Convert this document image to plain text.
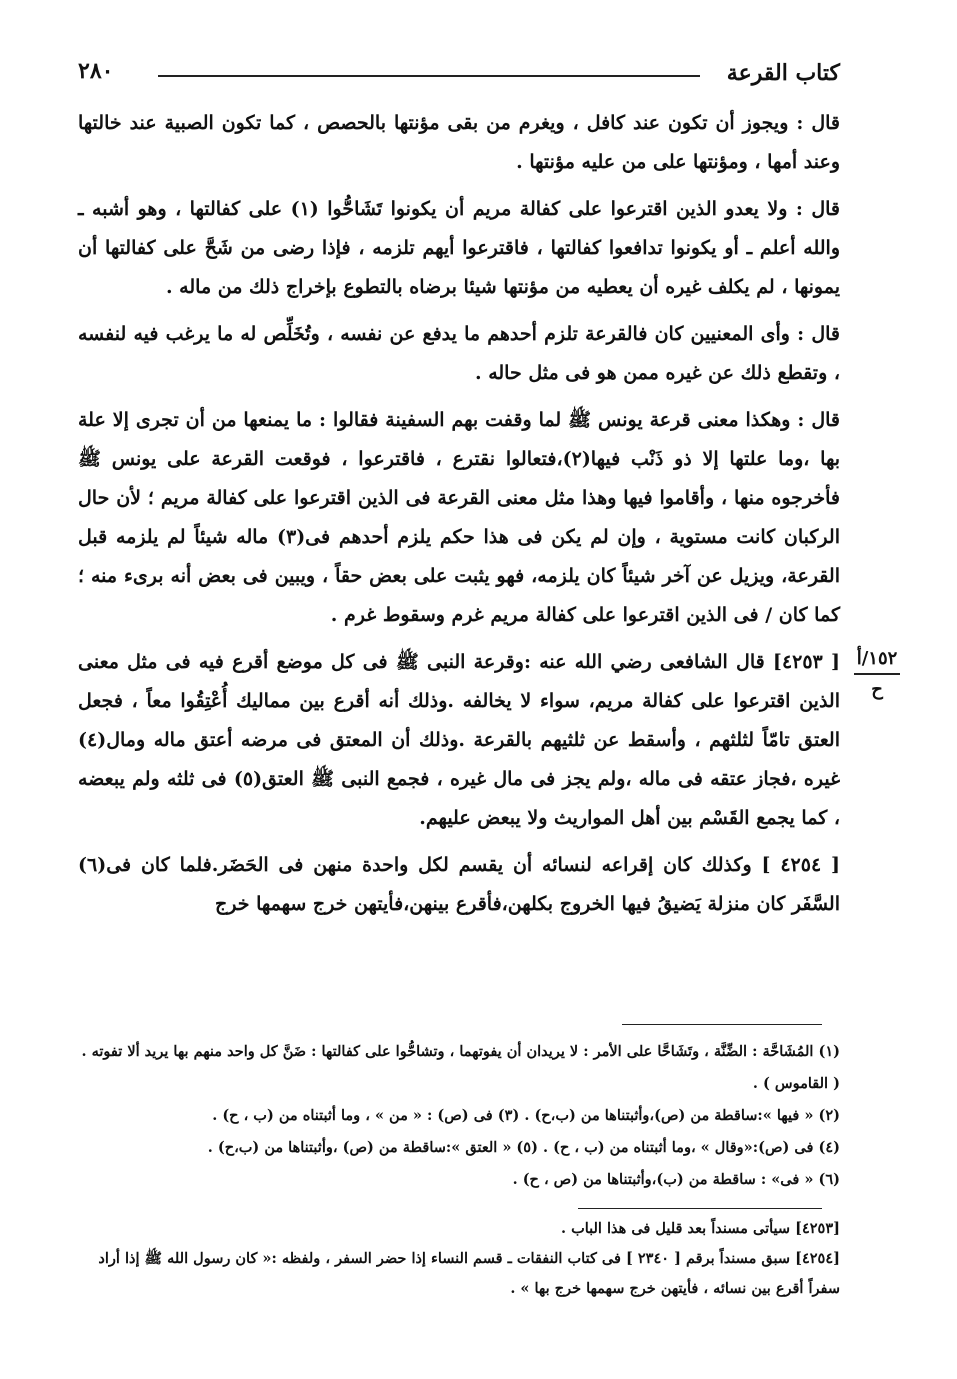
كتاب القرعة
٢٨٠

قال : ويجوز أن تكون عند كافل ، ويغرم من بقى مؤنتها بالحصص ، كما تكون الصبية عند خالتها وعند أمها ، ومؤنتها على من عليه مؤنتها .

قال : ولا يعدو الذين اقترعوا على كفالة مريم أن يكونوا تَشَاحُّوا (١) على كفالتها ، وهو أشبه ـ والله أعلم ـ أو يكونوا تدافعوا كفالتها ، فاقترعوا أيهم تلزمه ، فإذا رضى من شَحَّ على كفالتها أن يمونها ، لم يكلف غيره أن يعطيه من مؤنتها شيئا برضاه بالتطوع بإخراج ذلك من ماله .

قال : وأى المعنيين كان فالقرعة تلزم أحدهم ما يدفع عن نفسه ، وتُخَلِّص له ما يرغب فيه لنفسه ، وتقطع ذلك عن غيره ممن هو فى مثل حاله .

قال : وهكذا معنى قرعة يونس ﷺ لما وقفت بهم السفينة فقالوا : ما يمنعها من أن تجرى إلا علة بها ،وما علتها إلا ذو ذَنْب فيها(٢)،فتعالوا نقترع ، فاقترعوا ، فوقعت القرعة على يونس ﷺ فأخرجوه منها ، وأقاموا فيها وهذا مثل معنى القرعة فى الذين اقترعوا على كفالة مريم ؛ لأن حال الركبان كانت مستوية ، وإن لم يكن فى هذا حكم يلزم أحدهم فى(٣) ماله شيئاً لم يلزمه قبل القرعة، ويزيل عن آخر شيئاً كان يلزمه، فهو يثبت على بعض حقاً ، ويبين فى بعض أنه برىء منه ؛ كما كان / فى الذين اقترعوا على كفالة مريم غرم وسقوط غرم .

[ ٤٢٥٣] قال الشافعى رضي الله عنه :وقرعة النبى ﷺ فى كل موضع أقرع فيه فى مثل معنى الذين اقترعوا على كفالة مريم، سواء لا يخالفه .وذلك أنه أقرع بين مماليك أُعْتِقُوا معاً ، فجعل العتق تامّاً لثلثهم ، وأسقط عن ثلثيهم بالقرعة .وذلك أن المعتق فى مرضه أعتق ماله ومال(٤) غيره ،فجاز عتقه فى ماله ،ولم يجز فى مال غيره ، فجمع النبى ﷺ العتق(٥) فى ثلثه ولم يبعضه ، كما يجمع القَسْم بين أهل المواريث ولا يبعض عليهم.

[ ٤٢٥٤ ] وكذلك كان إقراعه لنسائه أن يقسم لكل واحدة منهن فى الحَضَر.فلما كان فى(٦) السَّفَر كان منزلة يَضيقُ فيها الخروج بكلهن،فأقرع بينهن،فأيتهن خرج سهمها خرج

١٥٢/أ
ح

(١) المُشَاحَّة : الضِّنَّة ، وتَشَاحَّا على الأمر : لا يريدان أن يفوتهما ، وتشاحُّوا على كفالتها : ضَنَّ كل واحد منهم بها يريد ألا تفوته .( القاموس ) .

(٢) « فيها »:ساقطة من (ص)،وأثبتناها من (ب،ح) . (٣) فى (ص) : « من » ، وما أثبتناه من (ب ، ح) .

(٤) فى (ص):«وقال » ،وما أثبتناه من (ب ، ح) . (٥) « العتق »:ساقطة من (ص) ،وأثبتناها من (ب،ح) .

(٦) « فى» : ساقطة من (ب)،وأثبتناها من (ص ، ح) .

[٤٢٥٣] سيأتى مسنداً بعد قليل فى هذا الباب .

[٤٢٥٤] سبق مسنداً برقم [ ٢٣٤٠ ] فى كتاب النفقات ـ قسم النساء إذا حضر السفر ، ولفظه :« كان رسول الله ﷺ إذا أراد سفراً أقرع بين نسائه ، فأيتهن خرج سهمها خرج بها » .
